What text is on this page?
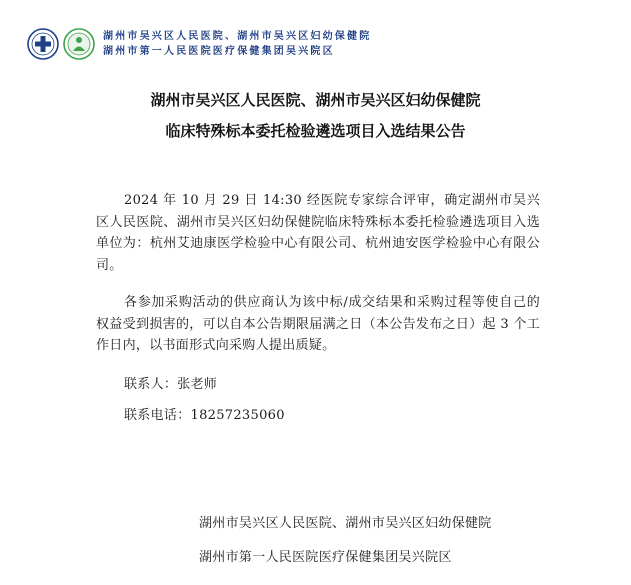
湖州市吴兴区人民医院、湖州市吴兴区妇幼保健院
湖州市第一人民医院医疗保健集团吴兴院区
湖州市吴兴区人民医院、湖州市吴兴区妇幼保健院
临床特殊标本委托检验遴选项目入选结果公告
2024 年 10 月 29 日 14:30 经医院专家综合评审，确定湖州市吴兴区人民医院、湖州市吴兴区妇幼保健院临床特殊标本委托检验遴选项目入选单位为：杭州艾迪康医学检验中心有限公司、杭州迪安医学检验中心有限公司。
各参加采购活动的供应商认为该中标/成交结果和采购过程等使自己的权益受到损害的，可以自本公告期限届满之日（本公告发布之日）起 3 个工作日内，以书面形式向采购人提出质疑。
联系人：张老师
联系电话：18257235060
湖州市吴兴区人民医院、湖州市吴兴区妇幼保健院
湖州市第一人民医院医疗保健集团吴兴院区
